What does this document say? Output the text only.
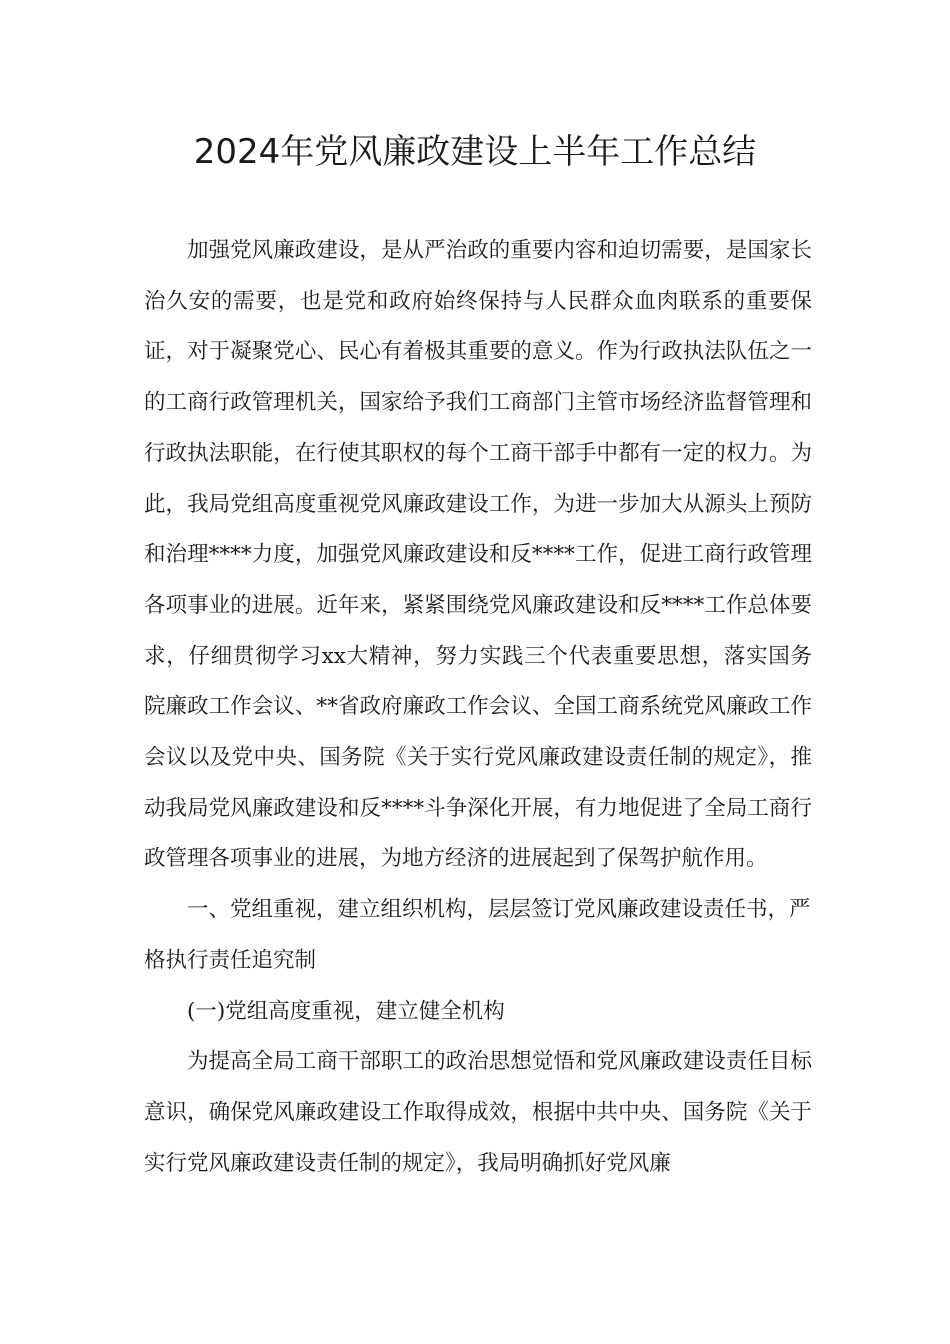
2024年党风廉政建设上半年工作总结

加强党风廉政建设，是从严治政的重要内容和迫切需要，是国家长治久安的需要，也是党和政府始终保持与人民群众血肉联系的重要保证，对于凝聚党心、民心有着极其重要的意义。作为行政执法队伍之一的工商行政管理机关，国家给予我们工商部门主管市场经济监督管理和行政执法职能，在行使其职权的每个工商干部手中都有一定的权力。为此，我局党组高度重视党风廉政建设工作，为进一步加大从源头上预防和治理****力度，加强党风廉政建设和反****工作，促进工商行政管理各项事业的进展。近年来，紧紧围绕党风廉政建设和反****工作总体要求，仔细贯彻学习xx大精神，努力实践三个代表重要思想，落实国务院廉政工作会议、**省政府廉政工作会议、全国工商系统党风廉政工作会议以及党中央、国务院《关于实行党风廉政建设责任制的规定》，推动我局党风廉政建设和反****斗争深化开展，有力地促进了全局工商行政管理各项事业的进展，为地方经济的进展起到了保驾护航作用。

一、党组重视，建立组织机构，层层签订党风廉政建设责任书，严格执行责任追究制

(一)党组高度重视，建立健全机构

为提高全局工商干部职工的政治思想觉悟和党风廉政建设责任目标意识，确保党风廉政建设工作取得成效，根据中共中央、国务院《关于实行党风廉政建设责任制的规定》，我局明确抓好党风廉
